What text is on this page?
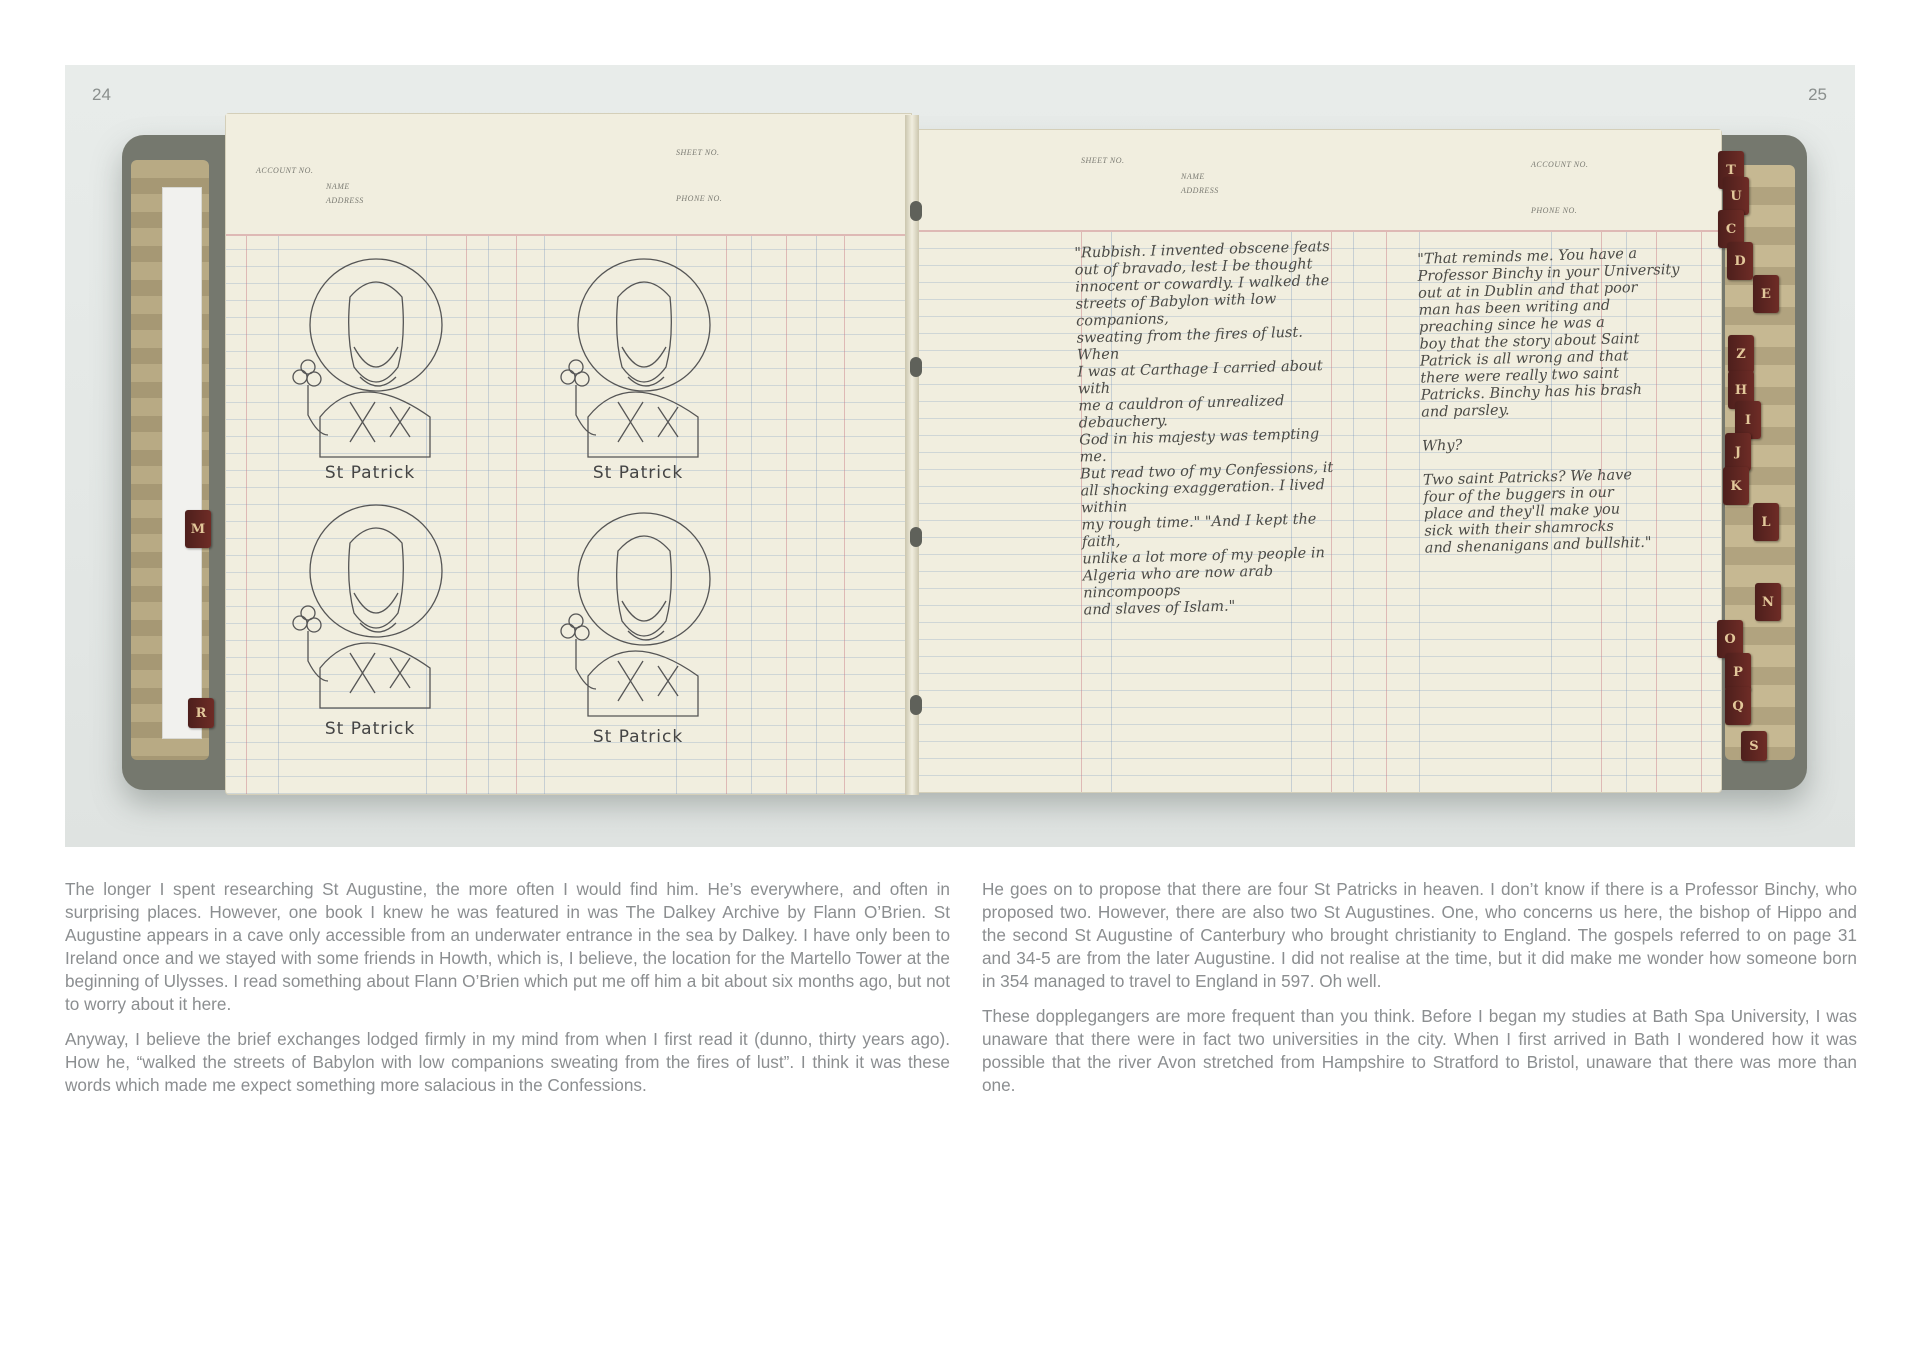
24	25
ACCOUNT NO.
NAME
ADDRESS
SHEET NO.
PHONE NO.
SHEET NO.
NAME
ADDRESS
ACCOUNT NO.
PHONE NO.
"Rubbish. I invented obscene feats
out of bravado, lest I be thought
innocent or cowardly. I walked the
streets of Babylon with low companions,
sweating from the fires of lust. When
I was at Carthage I carried about with
me a cauldron of unrealized debauchery.
God in his majesty was tempting me.
But read two of my Confessions, it
all shocking exaggeration. I lived within
my rough time." "And I kept the faith,
unlike a lot more of my people in
Algeria who are now arab nincompoops
and slaves of Islam."
"That reminds me. You have a
Professor Binchy in your University
out at in Dublin and that poor
man has been writing and
preaching since he was a
boy that the story about Saint
Patrick is all wrong and that
there were really two saint
Patricks. Binchy has his brash
and parsley.

Why?

Two saint Patricks? We have
four of the buggers in our
place and they'll make you
sick with their shamrocks
and shenanigans and bullshit."
St Patrick	St Patrick
St Patrick	St Patrick
M
R
T
U
C
D
E
Z
H
I
J
K
L
N
O
P
Q
S

The longer I spent researching St Augustine, the more often I would find him. He’s everywhere, and often in surprising places. However, one book I knew he was featured in was The Dalkey Archive by Flann O’Brien. St Augustine appears in a cave only accessible from an underwater entrance in the sea by Dalkey. I have only been to Ireland once and we stayed with some friends in Howth, which is, I believe, the location for the Martello Tower at the beginning of Ulysses. I read something about Flann O’Brien which put me off him a bit about six months ago, but not to worry about it here.

Anyway, I believe the brief exchanges lodged firmly in my mind from when I first read it (dunno, thirty years ago). How he, “walked the streets of Babylon with low companions sweating from the fires of lust”. I think it was these words which made me expect something more salacious in the Confessions.

He goes on to propose that there are four St Patricks in heaven. I don’t know if there is a Professor Binchy, who proposed two. However, there are also two St Augustines. One, who concerns us here, the bishop of Hippo and the second St Augustine of Canterbury who brought christianity to England. The gospels referred to on page 31 and 34-5 are from the later Augustine. I did not realise at the time, but it did make me wonder how someone born in 354 managed to travel to England in 597. Oh well.

These dopplegangers are more frequent than you think. Before I began my studies at Bath Spa University, I was unaware that there were in fact two universities in the city. When I first arrived in Bath I wondered how it was possible that the river Avon stretched from Hampshire to Stratford to Bristol, unaware that there was more than one.
